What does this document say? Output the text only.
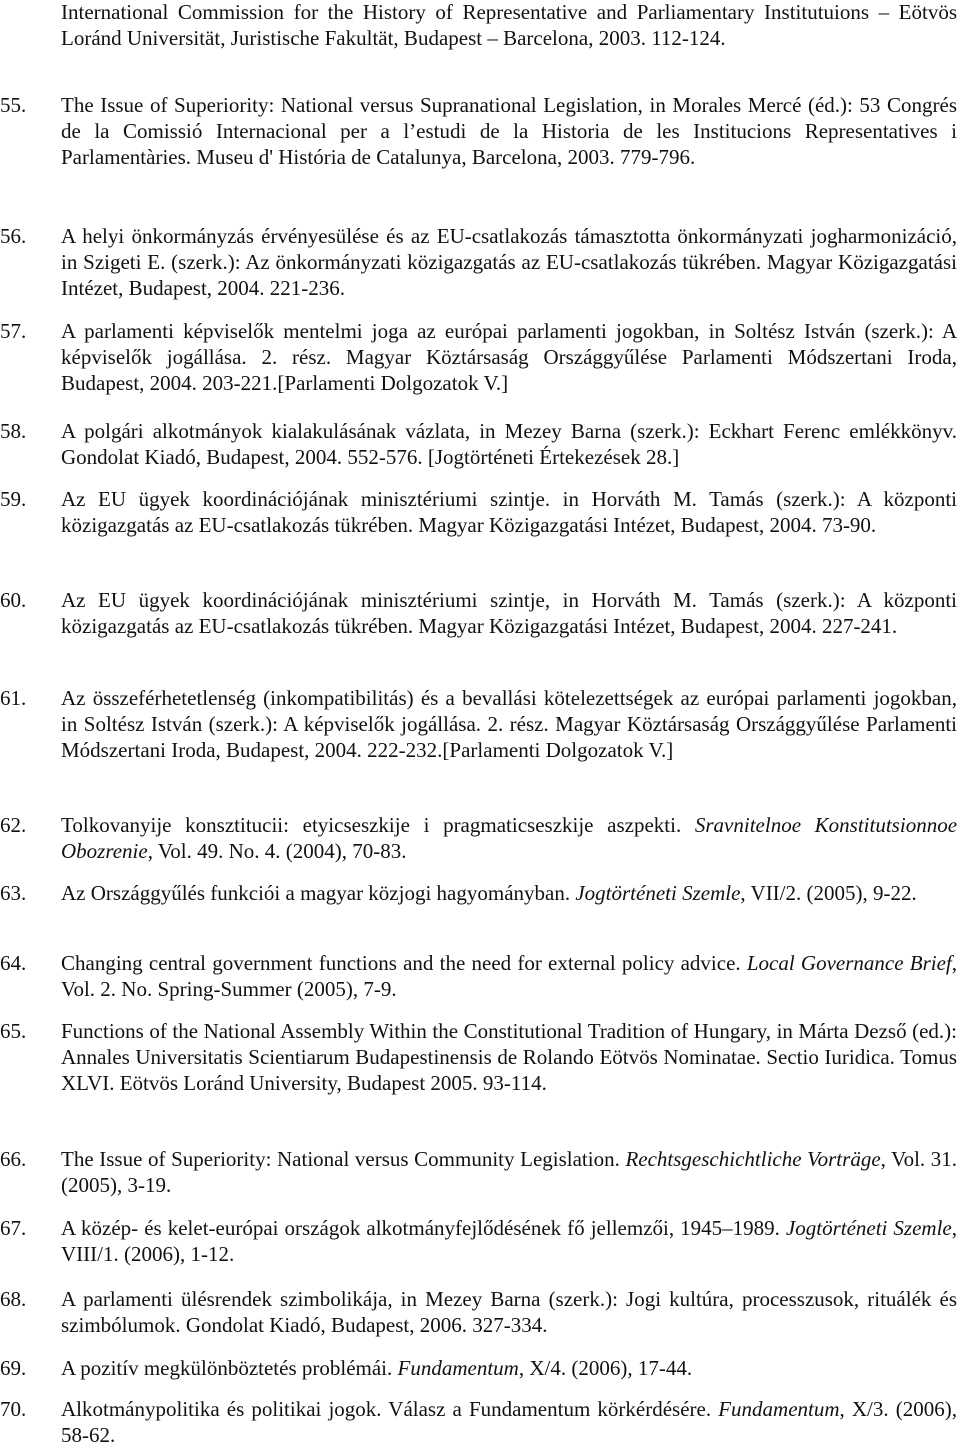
International Commission for the History of Representative and Parliamentary Institutuions – Eötvös Loránd Universität, Juristische Fakultät, Budapest – Barcelona, 2003. 112-124.
55.	The Issue of Superiority: National versus Supranational Legislation, in Morales Mercé (éd.): 53 Congrés de la Comissió Internacional per a l’estudi de la Historia de les Institucions Representatives i Parlamentàries. Museu d' História de Catalunya, Barcelona, 2003. 779-796.
56.	A helyi önkormányzás érvényesülése és az EU-csatlakozás támasztotta önkormányzati jogharmonizáció, in Szigeti E. (szerk.): Az önkormányzati közigazgatás az EU-csatlakozás tükrében. Magyar Közigazgatási Intézet, Budapest, 2004. 221-236.
57.	A parlamenti képviselők mentelmi joga az európai parlamenti jogokban, in Soltész István (szerk.): A képviselők jogállása. 2. rész. Magyar Köztársaság Országgyűlése Parlamenti Módszertani Iroda, Budapest, 2004. 203-221.[Parlamenti Dolgozatok V.]
58.	A polgári alkotmányok kialakulásának vázlata, in Mezey Barna (szerk.): Eckhart Ferenc emlékkönyv. Gondolat Kiadó, Budapest, 2004. 552-576. [Jogtörténeti Értekezések 28.]
59.	Az EU ügyek koordinációjának minisztériumi szintje. in Horváth M. Tamás (szerk.): A központi közigazgatás az EU-csatlakozás tükrében. Magyar Közigazgatási Intézet, Budapest, 2004. 73-90.
60.	Az EU ügyek koordinációjának minisztériumi szintje, in Horváth M. Tamás (szerk.): A központi közigazgatás az EU-csatlakozás tükrében. Magyar Közigazgatási Intézet, Budapest, 2004. 227-241.
61.	Az összeférhetetlenség (inkompatibilitás) és a bevallási kötelezettségek az európai parlamenti jogokban, in Soltész István (szerk.): A képviselők jogállása. 2. rész. Magyar Köztársaság Országgyűlése Parlamenti Módszertani Iroda, Budapest, 2004. 222-232.[Parlamenti Dolgozatok V.]
62.	Tolkovanyije konsztitucii: etyicseszkije i pragmaticseszkije aszpekti. Sravnitelnoe Konstitutsionnoe Obozrenie, Vol. 49. No. 4. (2004), 70-83.
63.	Az Országgyűlés funkciói a magyar közjogi hagyományban. Jogtörténeti Szemle, VII/2. (2005), 9-22.
64.	Changing central government functions and the need for external policy advice. Local Governance Brief, Vol. 2. No. Spring-Summer (2005), 7-9.
65.	Functions of the National Assembly Within the Constitutional Tradition of Hungary, in Márta Dezső (ed.): Annales Universitatis Scientiarum Budapestinensis de Rolando Eötvös Nominatae. Sectio Iuridica. Tomus XLVI. Eötvös Loránd University, Budapest 2005. 93-114.
66.	The Issue of Superiority: National versus Community Legislation. Rechtsgeschichtliche Vorträge, Vol. 31. (2005), 3-19.
67.	A közép- és kelet-európai országok alkotmányfejlődésének fő jellemzői, 1945–1989. Jogtörténeti Szemle, VIII/1. (2006), 1-12.
68.	A parlamenti ülésrendek szimbolikája, in Mezey Barna (szerk.): Jogi kultúra, processzusok, rituálék és szimbólumok. Gondolat Kiadó, Budapest, 2006. 327-334.
69.	A pozitív megkülönböztetés problémái. Fundamentum, X/4. (2006), 17-44.
70.	Alkotmánypolitika és politikai jogok. Válasz a Fundamentum körkérdésére. Fundamentum, X/3. (2006), 58-62.
